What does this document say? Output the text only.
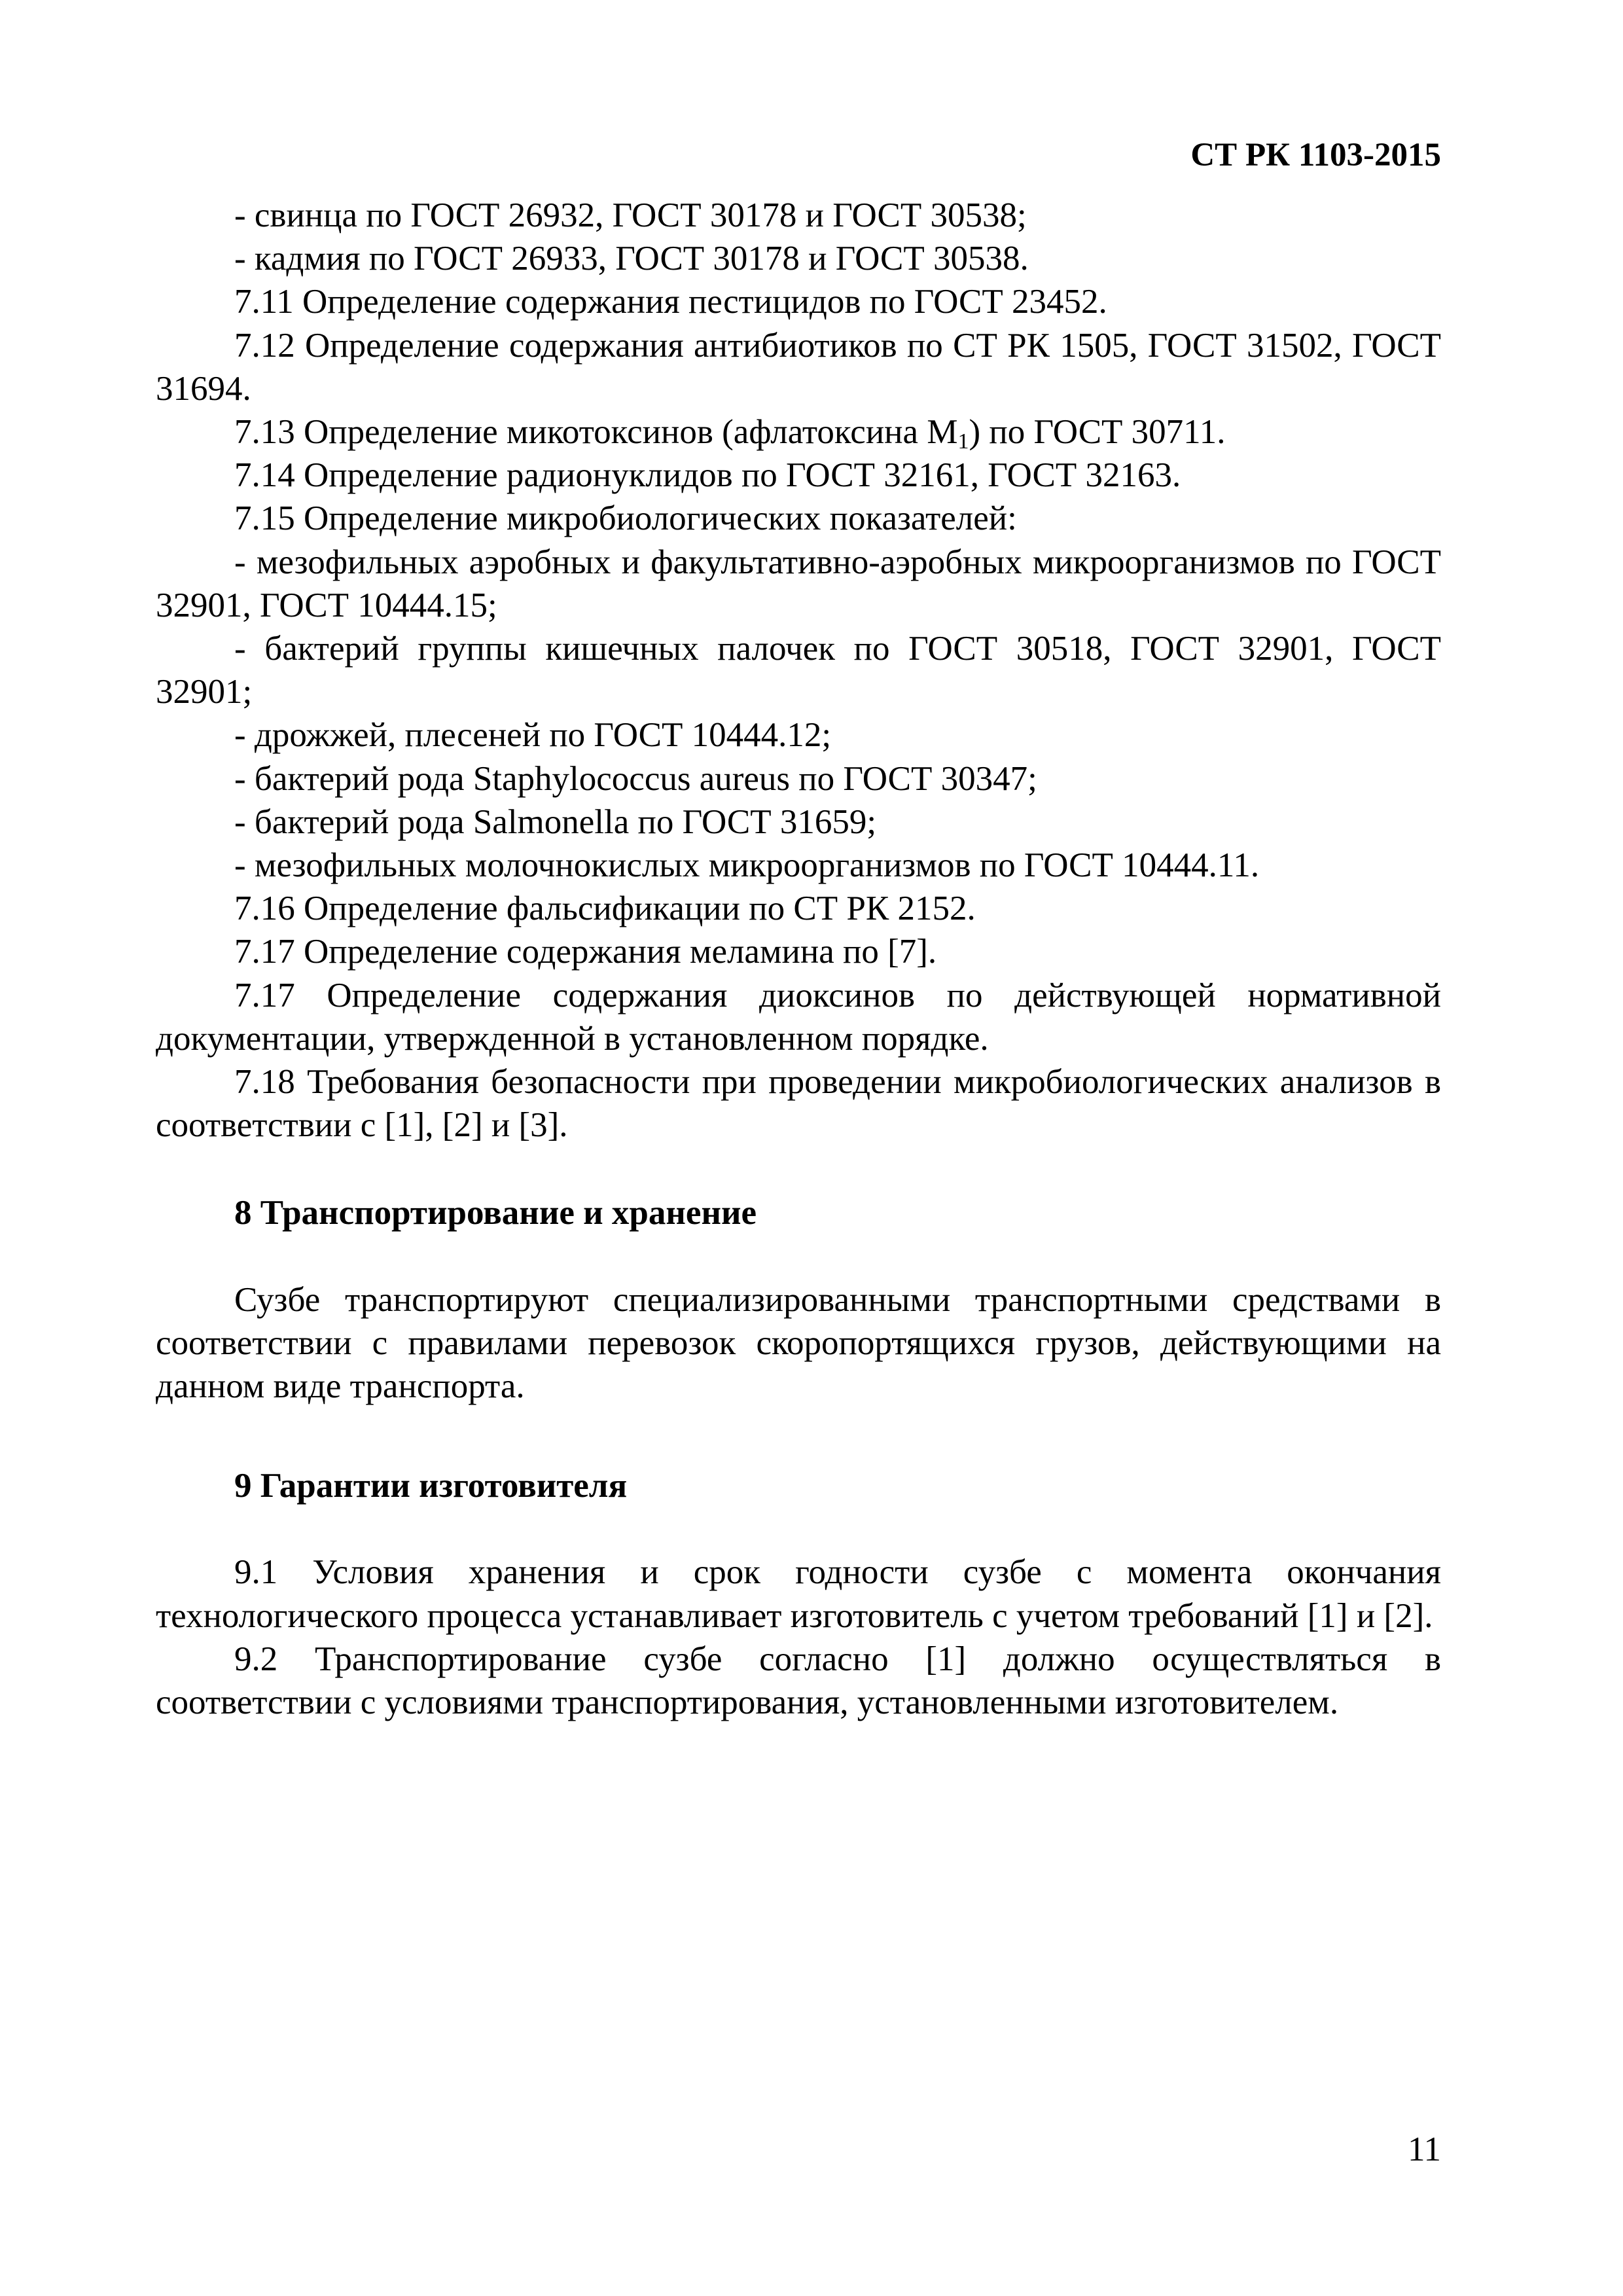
СТ РК 1103-2015

- свинца по ГОСТ 26932, ГОСТ 30178 и ГОСТ 30538;

- кадмия по ГОСТ 26933, ГОСТ 30178 и ГОСТ 30538.

7.11 Определение содержания пестицидов по ГОСТ 23452.

7.12 Определение содержания антибиотиков по СТ РК 1505, ГОСТ 31502, ГОСТ 31694.

7.13 Определение микотоксинов (афлатоксина $М_1$) по ГОСТ 30711.

7.14 Определение радионуклидов по ГОСТ 32161, ГОСТ 32163.

7.15 Определение микробиологических показателей:

- мезофильных аэробных и факультативно-аэробных микроорганизмов по ГОСТ 32901, ГОСТ 10444.15;

- бактерий группы кишечных палочек по ГОСТ 30518, ГОСТ 32901, ГОСТ 32901;

- дрожжей, плесеней по ГОСТ 10444.12;

- бактерий рода Staphylococcus aureus по ГОСТ 30347;

- бактерий рода Salmonella по ГОСТ 31659;

- мезофильных молочнокислых микроорганизмов по ГОСТ 10444.11.

7.16 Определение фальсификации по СТ РК 2152.

7.17 Определение содержания меламина по [7].

7.17 Определение содержания диоксинов по действующей нормативной документации, утвержденной в установленном порядке.

7.18 Требования безопасности при проведении микробиологических анализов в соответствии с [1], [2] и [3].

8 Транспортирование и хранение

Сузбе транспортируют специализированными транспортными средствами в соответствии с правилами перевозок скоропортящихся грузов, действующими на данном виде транспорта.

9 Гарантии изготовителя

9.1 Условия хранения и срок годности сузбе с момента окончания технологического процесса устанавливает изготовитель с учетом требований [1] и [2].

9.2 Транспортирование сузбе согласно [1] должно осуществляться в соответствии с условиями транспортирования, установленными изготовителем.

11
